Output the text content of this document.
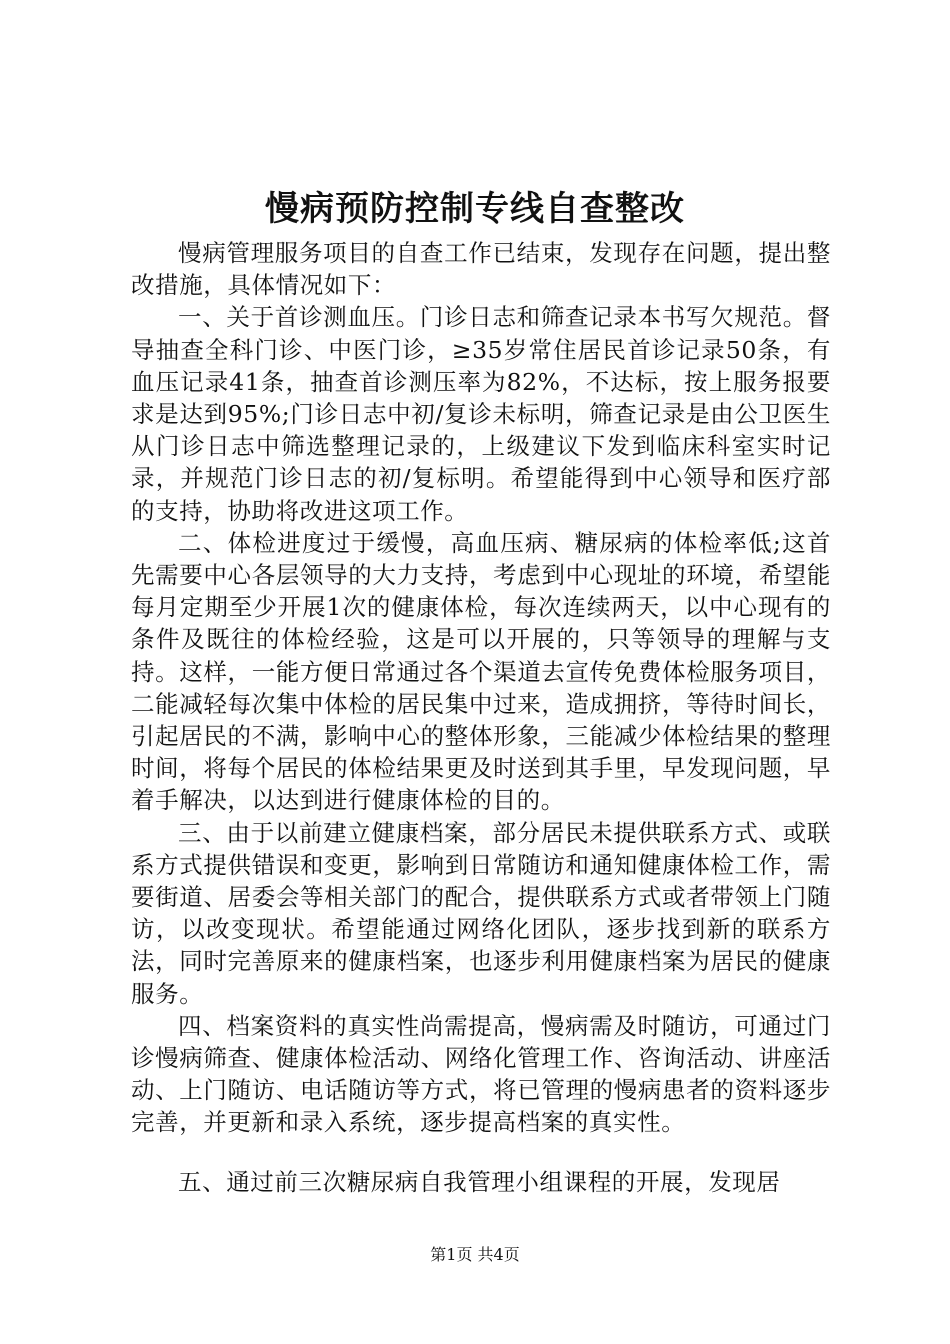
慢病预防控制专线自查整改

慢病管理服务项目的自查工作已结束，发现存在问题，提出整改措施，具体情况如下：

一、关于首诊测血压。门诊日志和筛查记录本书写欠规范。督导抽查全科门诊、中医门诊，≥35岁常住居民首诊记录50条，有血压记录41条，抽查首诊测压率为82%，不达标，按上服务报要求是达到95%;门诊日志中初/复诊未标明，筛查记录是由公卫医生从门诊日志中筛选整理记录的，上级建议下发到临床科室实时记录，并规范门诊日志的初/复标明。希望能得到中心领导和医疗部的支持，协助将改进这项工作。

二、体检进度过于缓慢，高血压病、糖尿病的体检率低;这首先需要中心各层领导的大力支持，考虑到中心现址的环境，希望能每月定期至少开展1次的健康体检，每次连续两天，以中心现有的条件及既往的体检经验，这是可以开展的，只等领导的理解与支持。这样，一能方便日常通过各个渠道去宣传免费体检服务项目，二能减轻每次集中体检的居民集中过来，造成拥挤，等待时间长，引起居民的不满，影响中心的整体形象，三能减少体检结果的整理时间，将每个居民的体检结果更及时送到其手里，早发现问题，早着手解决，以达到进行健康体检的目的。

三、由于以前建立健康档案，部分居民未提供联系方式、或联系方式提供错误和变更，影响到日常随访和通知健康体检工作，需要街道、居委会等相关部门的配合，提供联系方式或者带领上门随访，以改变现状。希望能通过网络化团队，逐步找到新的联系方法，同时完善原来的健康档案，也逐步利用健康档案为居民的健康服务。

四、档案资料的真实性尚需提高，慢病需及时随访，可通过门诊慢病筛查、健康体检活动、网络化管理工作、咨询活动、讲座活动、上门随访、电话随访等方式，将已管理的慢病患者的资料逐步完善，并更新和录入系统，逐步提高档案的真实性。

五、通过前三次糖尿病自我管理小组课程的开展，发现居

第1页 共4页
